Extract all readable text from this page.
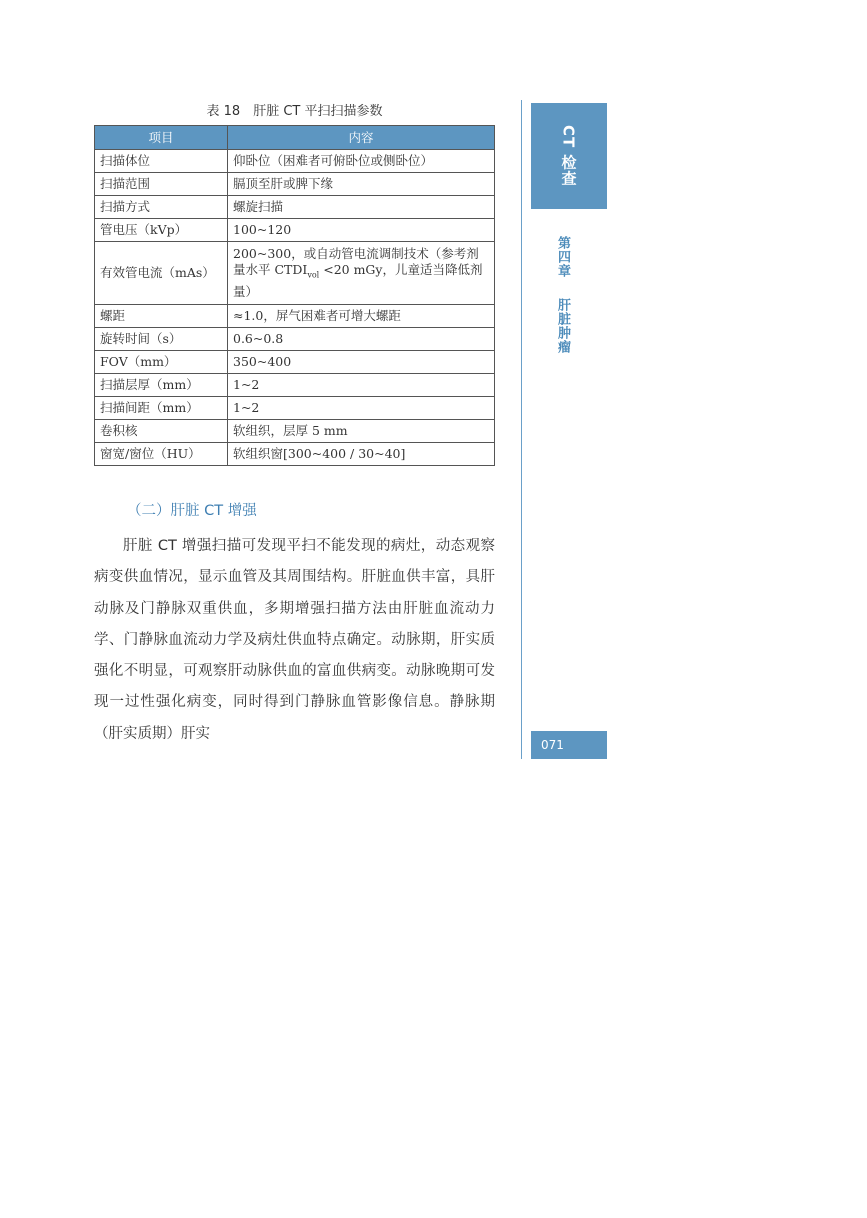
表 18　肝脏 CT 平扫扫描参数
项目	内容
扫描体位	仰卧位（困难者可俯卧位或侧卧位）
扫描范围	膈顶至肝或脾下缘
扫描方式	螺旋扫描
管电压（kVp）	100~120
有效管电流（mAs）	200~300，或自动管电流调制技术（参考剂量水平 $CTDI_{vol} <20$ mGy，儿童适当降低剂量）
螺距	≈1.0，屏气困难者可增大螺距
旋转时间（s）	0.6~0.8
FOV（mm）	350~400
扫描层厚（mm）	1~2
扫描间距（mm）	1~2
卷积核	软组织，层厚 5 mm
窗宽/窗位（HU）	软组织窗[300~400 / 30~40]
（二）肝脏 CT 增强

肝脏 CT 增强扫描可发现平扫不能发现的病灶，动态观察病变供血情况，显示血管及其周围结构。肝脏血供丰富，具肝动脉及门静脉双重供血，多期增强扫描方法由肝脏血流动力学、门静脉血流动力学及病灶供血特点确定。动脉期，肝实质强化不明显，可观察肝动脉供血的富血供病变。动脉晚期可发现一过性强化病变，同时得到门静脉血管影像信息。静脉期（肝实质期）肝实

CT 检查
第四章 肝脏肿瘤
071
